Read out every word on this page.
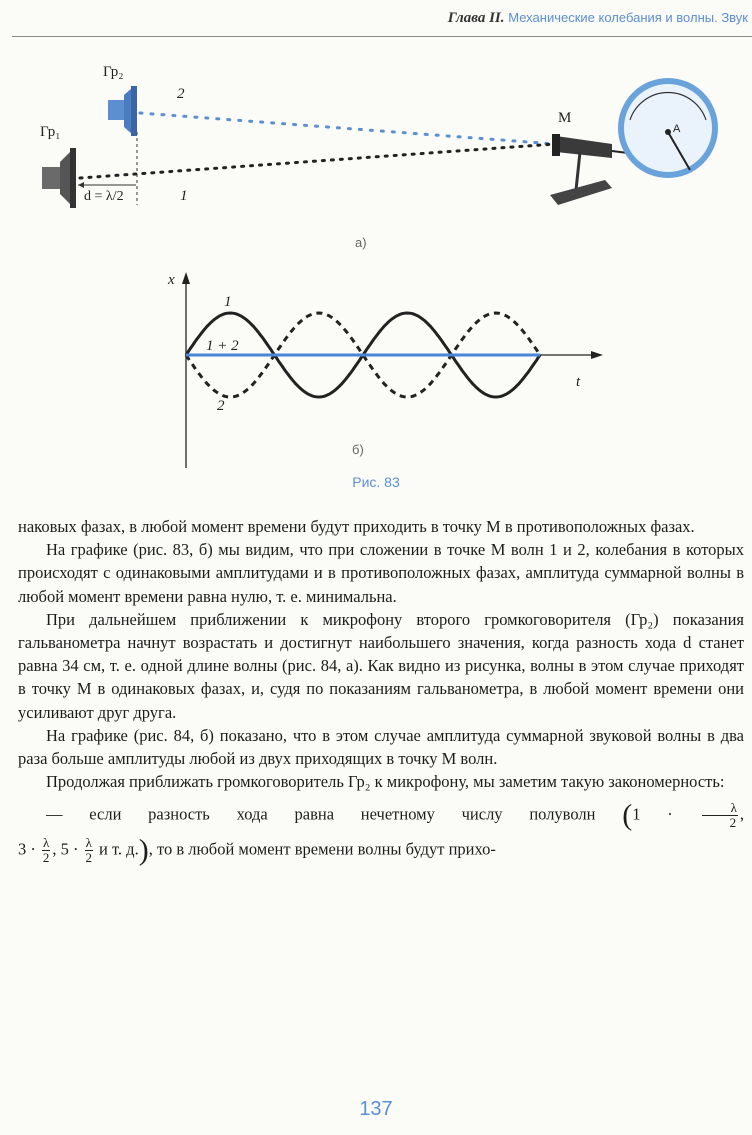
Глава II. Механические колебания и волны. Звук
A
Гр₁
Гр₂
2
1
d = λ/2
M
а)
x
t
1
1 + 2
2
б)
Рис. 83

наковых фазах, в любой момент времени будут приходить в точку М в противоположных фазах.

На графике (рис. 83, б) мы видим, что при сложении в точке М волн 1 и 2, колебания в которых происходят с одинаковыми амплитудами и в противоположных фазах, амплитуда суммарной волны в любой момент времени равна нулю, т. е. минимальна.

При дальнейшем приближении к микрофону второго громкоговорителя (Гр₂) показания гальванометра начнут возрастать и достигнут наибольшего значения, когда разность хода d станет равна 34 см, т. е. одной длине волны (рис. 84, а). Как видно из рисунка, волны в этом случае приходят в точку М в одинаковых фазах, и, судя по показаниям гальванометра, в любой момент времени они усиливают друг друга.

На графике (рис. 84, б) показано, что в этом случае амплитуда суммарной звуковой волны в два раза больше амплитуды любой из двух приходящих в точку М волн.

Продолжая приближать громкоговоритель Гр₂ к микрофону, мы заметим такую закономерность:

— если разность хода равна нечетному числу полуволн ($1 \cdot \frac{\lambda}{2}$ ,

$3 \cdot \frac{\lambda}{2}$ , $5 \cdot \frac{\lambda}{2}$ и т. д.), то в любой момент времени волны будут прихо-

137
